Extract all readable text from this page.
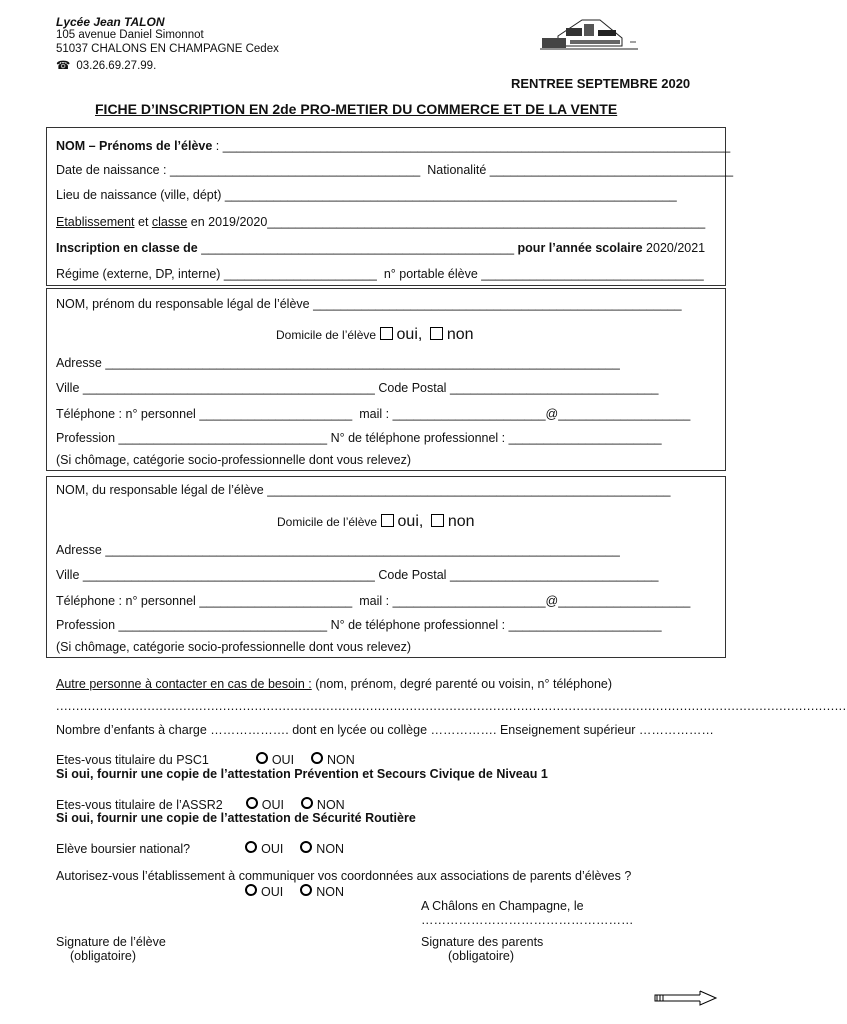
Lycée Jean TALON
105 avenue Daniel Simonnot
51037 CHALONS EN CHAMPAGNE Cedex
☎ 03.26.69.27.99.
RENTREE SEPTEMBRE 2020
FICHE D’INSCRIPTION EN 2de PRO-METIER DU COMMERCE ET DE LA VENTE
NOM – Prénoms de l’élève : _________________________________________________________________________
Date de naissance : ____________________________________ Nationalité ___________________________________
Lieu de naissance (ville, dépt) _________________________________________________________________
Etablissement et classe en 2019/2020_______________________________________________________________
Inscription en classe de _____________________________________________ pour l’année scolaire 2020/2021
Régime (externe, DP, interne) ______________________ n° portable élève ________________________________
NOM, prénom du responsable légal de l’élève _____________________________________________________
Domicile de l’élève oui, non
Adresse __________________________________________________________________________
Ville __________________________________________ Code Postal ______________________________
Téléphone : n° personnel ______________________ mail : ______________________@___________________
Profession ______________________________ N° de téléphone professionnel : ______________________
(Si chômage, catégorie socio-professionnelle dont vous relevez)
NOM, du responsable légal de l’élève __________________________________________________________
Domicile de l’élève oui, non
Adresse __________________________________________________________________________
Ville __________________________________________ Code Postal ______________________________
Téléphone : n° personnel ______________________ mail : ______________________@___________________
Profession ______________________________ N° de téléphone professionnel : ______________________
(Si chômage, catégorie socio-professionnelle dont vous relevez)
Autre personne à contacter en cas de besoin : (nom, prénom, degré parenté ou voisin, n° téléphone)
.......................................................................................................................................................................................................
Nombre d’enfants à charge ………………. dont en lycée ou collège ……………. Enseignement supérieur ………………
Etes-vous titulaire du PSC1	OUI	NON
Si oui, fournir une copie de l’attestation Prévention et Secours Civique de Niveau 1
Etes-vous titulaire de l’ASSR2	OUI	NON
Si oui, fournir une copie de l’attestation de Sécurité Routière
Elève boursier national?	OUI	NON
Autorisez-vous l’établissement à communiquer vos coordonnées aux associations de parents d’élèves ?
OUI	NON
A Châlons en Champagne, le
……………………………………………
Signature de l’élève
(obligatoire)
Signature des parents
(obligatoire)
